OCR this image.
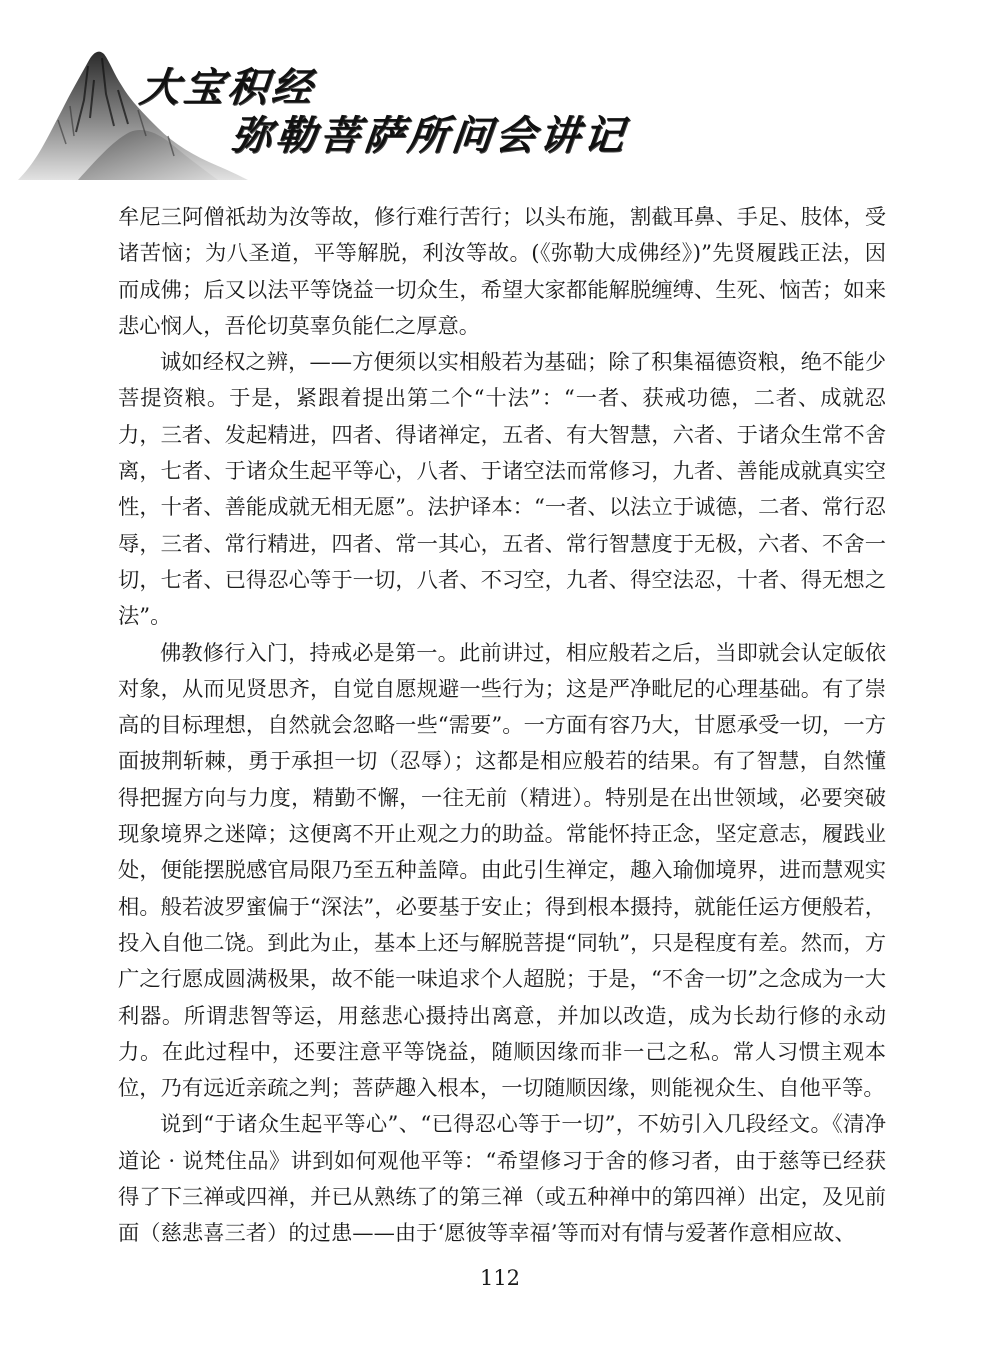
大宝积经
弥勒菩萨所问会讲记

牟尼三阿僧祇劫为汝等故，修行难行苦行；以头布施，割截耳鼻、手足、肢体，受诸苦恼；为八圣道，平等解脱，利汝等故。(《弥勒大成佛经》)”先贤履践正法，因而成佛；后又以法平等饶益一切众生，希望大家都能解脱缠缚、生死、恼苦；如来悲心悯人，吾伦切莫辜负能仁之厚意。

诚如经权之辨，——方便须以实相般若为基础；除了积集福德资粮，绝不能少菩提资粮。于是，紧跟着提出第二个“十法”：“一者、获戒功德，二者、成就忍力，三者、发起精进，四者、得诸禅定，五者、有大智慧，六者、于诸众生常不舍离，七者、于诸众生起平等心，八者、于诸空法而常修习，九者、善能成就真实空性，十者、善能成就无相无愿”。法护译本：“一者、以法立于诚德，二者、常行忍辱，三者、常行精进，四者、常一其心，五者、常行智慧度于无极，六者、不舍一切，七者、已得忍心等于一切，八者、不习空，九者、得空法忍，十者、得无想之法”。

佛教修行入门，持戒必是第一。此前讲过，相应般若之后，当即就会认定皈依对象，从而见贤思齐，自觉自愿规避一些行为；这是严净毗尼的心理基础。有了崇高的目标理想，自然就会忽略一些“需要”。一方面有容乃大，甘愿承受一切，一方面披荆斩棘，勇于承担一切（忍辱）；这都是相应般若的结果。有了智慧，自然懂得把握方向与力度，精勤不懈，一往无前（精进）。特别是在出世领域，必要突破现象境界之迷障；这便离不开止观之力的助益。常能怀持正念，坚定意志，履践业处，便能摆脱感官局限乃至五种盖障。由此引生禅定，趣入瑜伽境界，进而慧观实相。般若波罗蜜偏于“深法”，必要基于安止；得到根本摄持，就能任运方便般若，投入自他二饶。到此为止，基本上还与解脱菩提“同轨”，只是程度有差。然而，方广之行愿成圆满极果，故不能一味追求个人超脱；于是，“不舍一切”之念成为一大利器。所谓悲智等运，用慈悲心摄持出离意，并加以改造，成为长劫行修的永动力。在此过程中，还要注意平等饶益，随顺因缘而非一己之私。常人习惯主观本位，乃有远近亲疏之判；菩萨趣入根本，一切随顺因缘，则能视众生、自他平等。

说到“于诸众生起平等心”、“已得忍心等于一切”，不妨引入几段经文。《清净道论 · 说梵住品》讲到如何观他平等：“希望修习于舍的修习者，由于慈等已经获得了下三禅或四禅，并已从熟练了的第三禅（或五种禅中的第四禅）出定，及见前面（慈悲喜三者）的过患——由于‘愿彼等幸福’等而对有情与爱著作意相应故、

112
